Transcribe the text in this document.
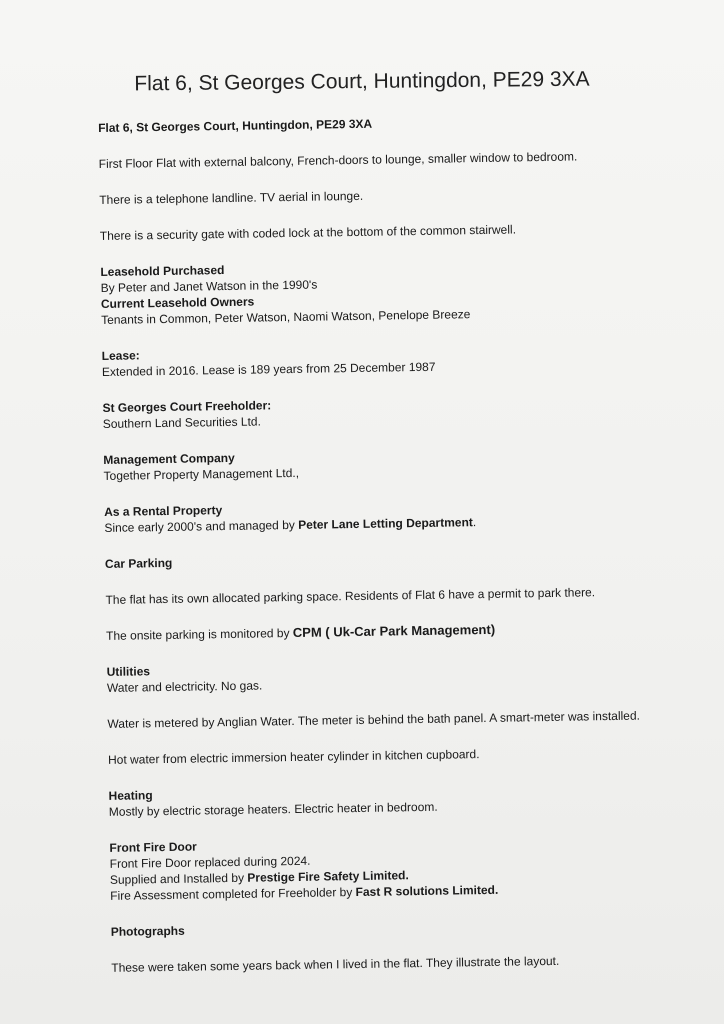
Flat 6, St Georges Court, Huntingdon, PE29 3XA

Flat 6, St Georges Court, Huntingdon, PE29 3XA

First Floor Flat with external balcony, French-doors to lounge, smaller window to bedroom.

There is a telephone landline. TV aerial in lounge.

There is a security gate with coded lock at the bottom of the common stairwell.

Leasehold Purchased

By Peter and Janet Watson in the 1990's

Current Leasehold Owners

Tenants in Common, Peter Watson, Naomi Watson, Penelope Breeze

Lease:

Extended in 2016. Lease is 189 years from 25 December 1987

St Georges Court Freeholder:

Southern Land Securities Ltd.

Management Company

Together Property Management Ltd.,

As a Rental Property

Since early 2000's and managed by Peter Lane Letting Department.

Car Parking

The flat has its own allocated parking space. Residents of Flat 6 have a permit to park there.

The onsite parking is monitored by CPM ( Uk-Car Park Management)

Utilities

Water and electricity. No gas.

Water is metered by Anglian Water. The meter is behind the bath panel. A smart-meter was installed.

Hot water from electric immersion heater cylinder in kitchen cupboard.

Heating

Mostly by electric storage heaters. Electric heater in bedroom.

Front Fire Door

Front Fire Door replaced during 2024.

Supplied and Installed by Prestige Fire Safety Limited.

Fire Assessment completed for Freeholder by Fast R solutions Limited.

Photographs

These were taken some years back when I lived in the flat. They illustrate the layout.
